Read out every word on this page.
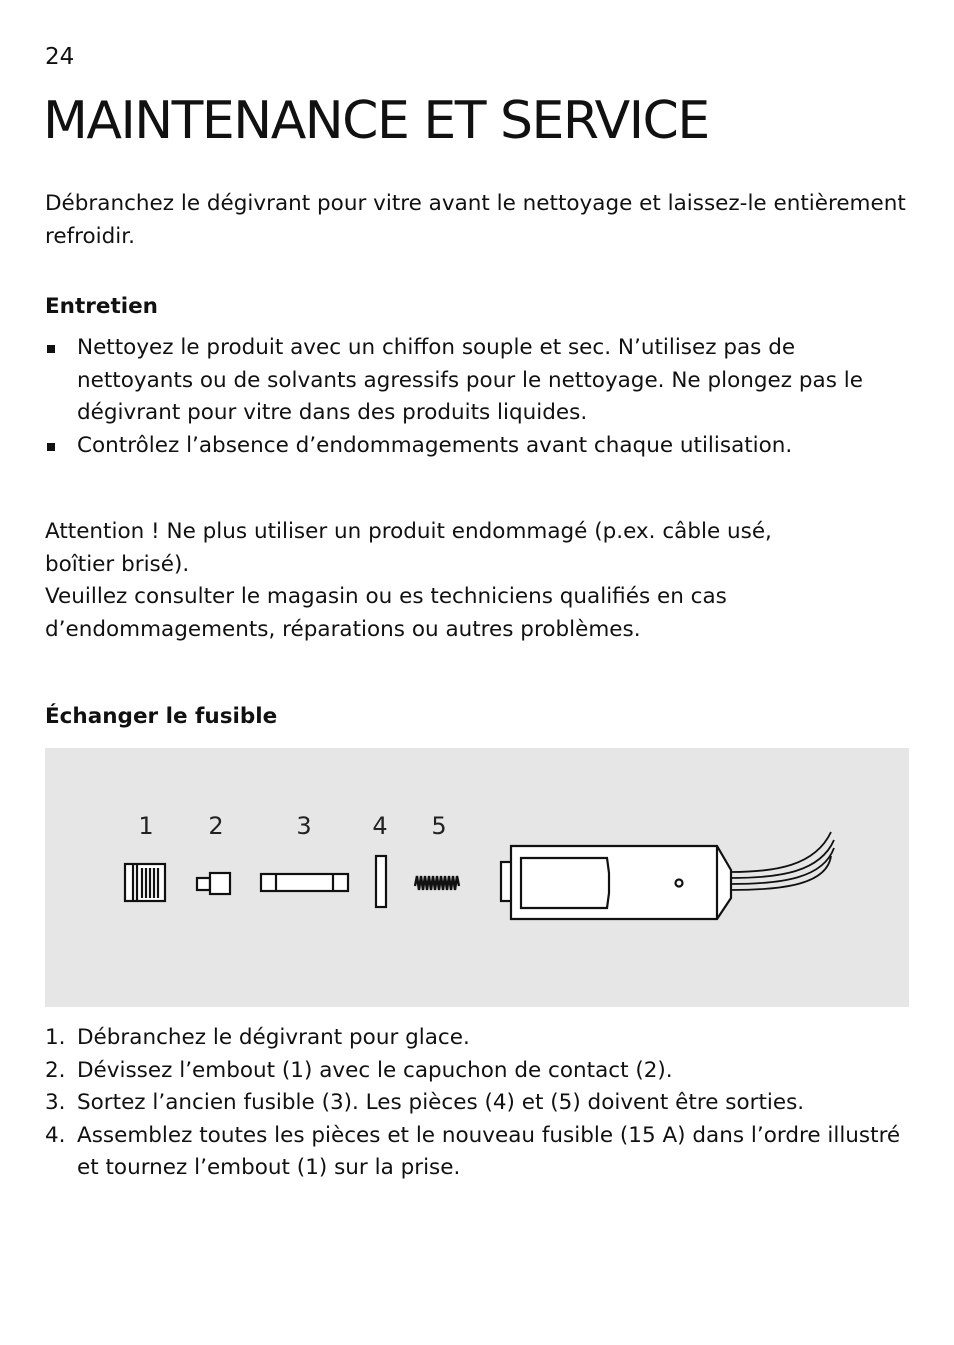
24
MAINTENANCE ET SERVICE

Débranchez le dégivrant pour vitre avant le nettoyage et laissez-le entièrement refroidir.

Entretien
Nettoyez le produit avec un chiffon souple et sec. N’utilisez pas de nettoyants ou de solvants agressifs pour le nettoyage. Ne plongez pas le dégivrant pour vitre dans des produits liquides.
Contrôlez l’absence d’endommagements avant chaque utilisation.

Attention ! Ne plus utiliser un produit endommagé (p.ex. câble usé, boîtier brisé).

Veuillez consulter le magasin ou es techniciens qualifiés en cas d’endommagements, réparations ou autres problèmes.

Échanger le fusible
1 2	3	4 5
1. Débranchez le dégivrant pour glace.
2. Dévissez l’embout (1) avec le capuchon de contact (2).
3. Sortez l’ancien fusible (3). Les pièces (4) et (5) doivent être sorties.
4. Assemblez toutes les pièces et le nouveau fusible (15 A) dans l’ordre illustré et tournez l’embout (1) sur la prise.
